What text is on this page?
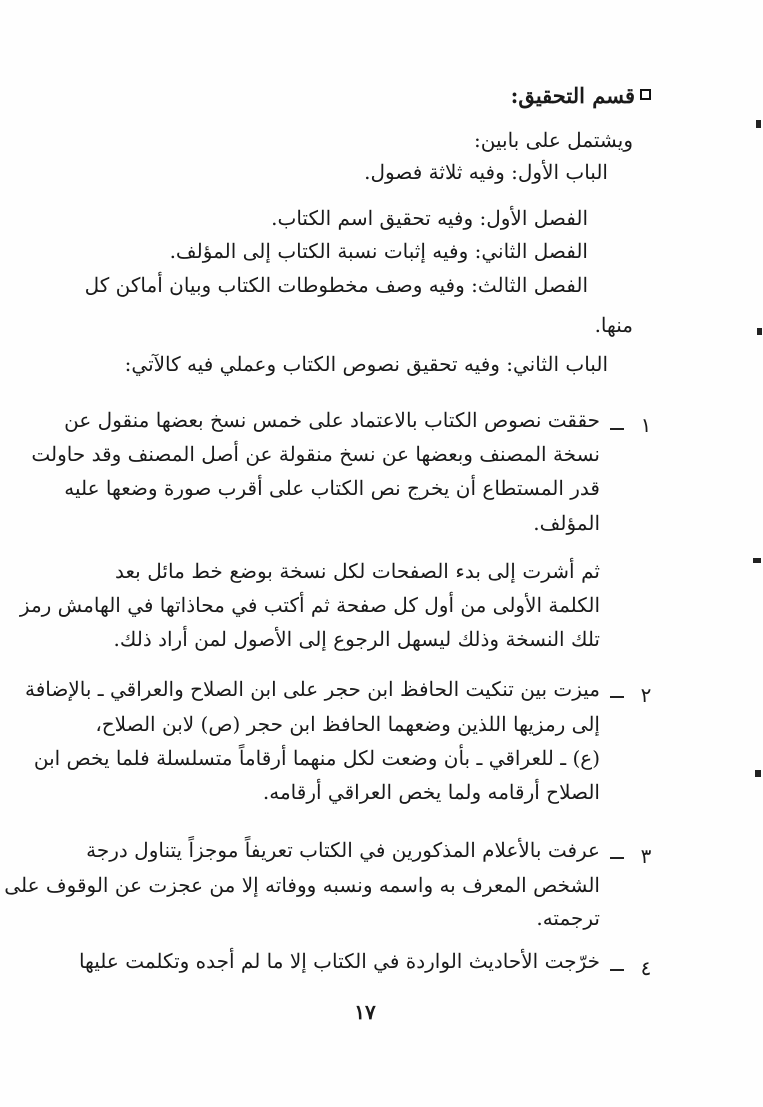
قسم التحقيق:
ويشتمل على بابين:
الباب الأول: وفيه ثلاثة فصول.
الفصل الأول: وفيه تحقيق اسم الكتاب.
الفصل الثاني: وفيه إثبات نسبة الكتاب إلى المؤلف.
الفصل الثالث: وفيه وصف مخطوطات الكتاب وبيان أماكن كل
منها.
الباب الثاني: وفيه تحقيق نصوص الكتاب وعملي فيه كالآتي:
١
حققت نصوص الكتاب بالاعتماد على خمس نسخ بعضها منقول عن
نسخة المصنف وبعضها عن نسخ منقولة عن أصل المصنف وقد حاولت
قدر المستطاع أن يخرج نص الكتاب على أقرب صورة وضعها عليه
المؤلف.
ثم أشرت إلى بدء الصفحات لكل نسخة بوضع خط مائل بعد
الكلمة الأولى من أول كل صفحة ثم أكتب في محاذاتها في الهامش رمز
تلك النسخة وذلك ليسهل الرجوع إلى الأصول لمن أراد ذلك.
٢
ميزت بين تنكيت الحافظ ابن حجر على ابن الصلاح والعراقي ـ بالإضافة
إلى رمزيها اللذين وضعهما الحافظ ابن حجر (ص) لابن الصلاح،
(ع) ـ للعراقي ـ بأن وضعت لكل منهما أرقاماً متسلسلة فلما يخص ابن
الصلاح أرقامه ولما يخص العراقي أرقامه.
٣
عرفت بالأعلام المذكورين في الكتاب تعريفاً موجزاً يتناول درجة
الشخص المعرف به واسمه ونسبه ووفاته إلا من عجزت عن الوقوف على
ترجمته.
٤
خرّجت الأحاديث الواردة في الكتاب إلا ما لم أجده وتكلمت عليها
١٧
